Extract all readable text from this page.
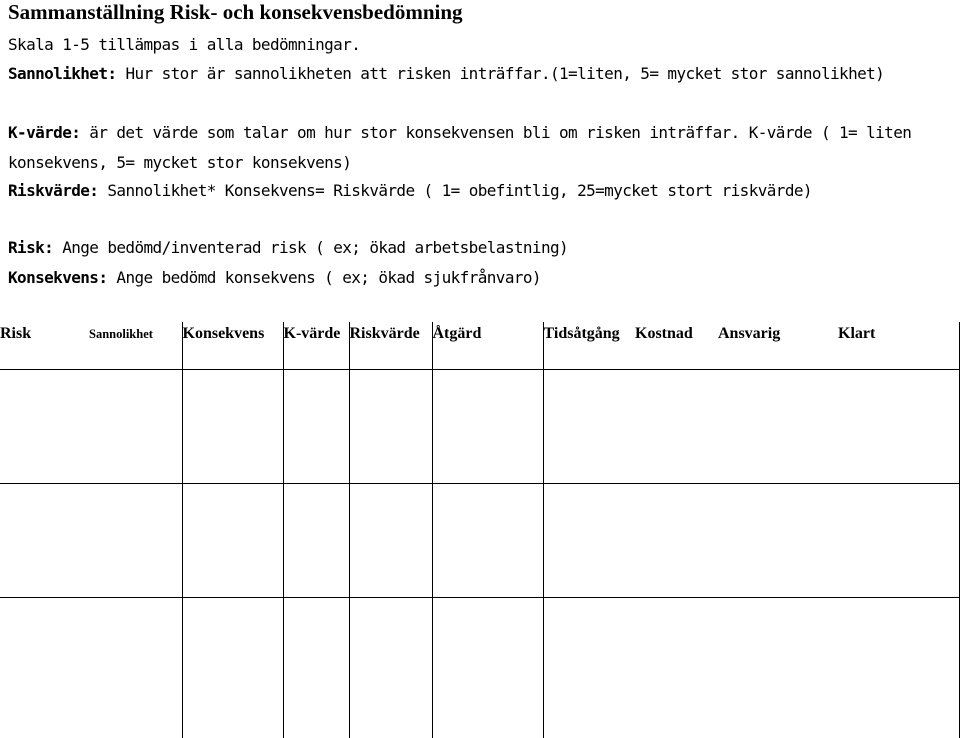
Sammanställning Risk- och konsekvensbedömning
Skala 1-5 tillämpas i alla bedömningar.
Sannolikhet: Hur stor är sannolikheten att risken inträffar.(1=liten, 5= mycket stor sannolikhet)
K-värde: är det värde som talar om hur stor konsekvensen bli om risken inträffar. K-värde ( 1= liten konsekvens, 5= mycket stor konsekvens)
Riskvärde: Sannolikhet* Konsekvens= Riskvärde ( 1= obefintlig, 25=mycket stort riskvärde)
Risk: Ange bedömd/inventerad risk ( ex; ökad arbetsbelastning)
Konsekvens: Ange bedömd konsekvens ( ex; ökad sjukfrånvaro)
Risk	Sannolikhet	Konsekvens	K-värde	Riskvärde	Åtgärd	Tidsåtgång	Kostnad	Ansvarig	Klart
